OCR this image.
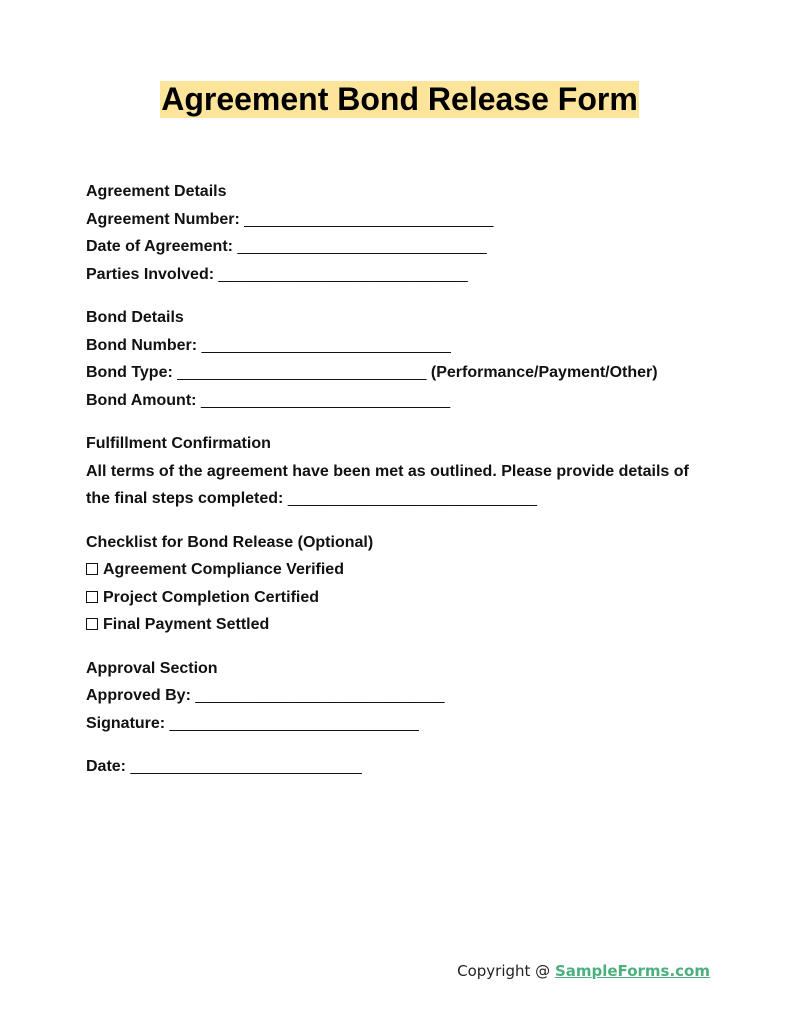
Agreement Bond Release Form
Agreement Details
Agreement Number: ____________________________
Date of Agreement: ____________________________
Parties Involved: ____________________________
Bond Details
Bond Number: ____________________________
Bond Type: ____________________________ (Performance/Payment/Other)
Bond Amount: ____________________________
Fulfillment Confirmation
All terms of the agreement have been met as outlined. Please provide details of the final steps completed: ____________________________
Checklist for Bond Release (Optional)
Agreement Compliance Verified
Project Completion Certified
Final Payment Settled
Approval Section
Approved By: ____________________________
Signature: ____________________________
Date: __________________________
Copyright @ SampleForms.com
